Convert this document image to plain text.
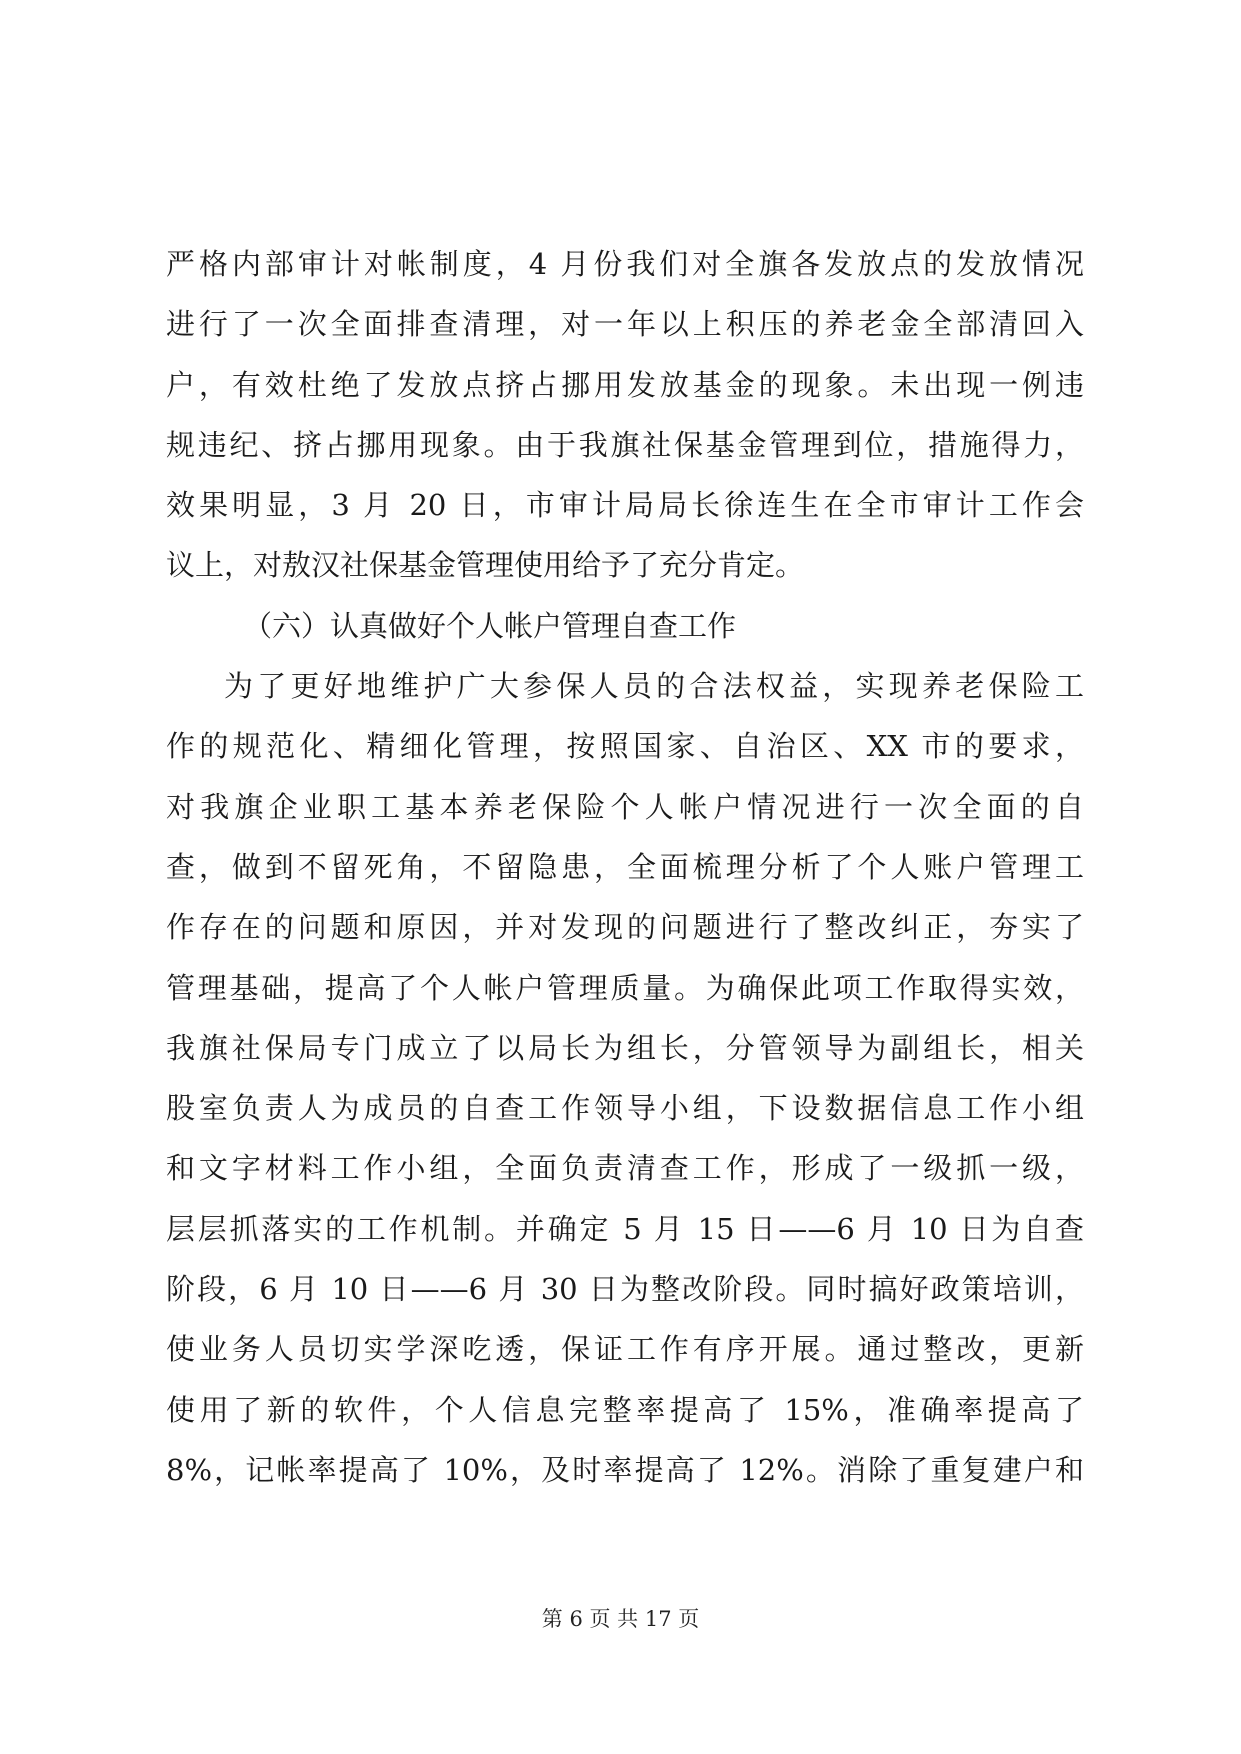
严格内部审计对帐制度，4 月份我们对全旗各发放点的发放情况
进行了一次全面排查清理，对一年以上积压的养老金全部清回入
户，有效杜绝了发放点挤占挪用发放基金的现象。未出现一例违
规违纪、挤占挪用现象。由于我旗社保基金管理到位，措施得力，
效果明显，3 月 20 日，市审计局局长徐连生在全市审计工作会
议上，对敖汉社保基金管理使用给予了充分肯定。
（六）认真做好个人帐户管理自查工作
为了更好地维护广大参保人员的合法权益，实现养老保险工
作的规范化、精细化管理，按照国家、自治区、XX 市的要求，
对我旗企业职工基本养老保险个人帐户情况进行一次全面的自
查，做到不留死角，不留隐患，全面梳理分析了个人账户管理工
作存在的问题和原因，并对发现的问题进行了整改纠正，夯实了
管理基础，提高了个人帐户管理质量。为确保此项工作取得实效，
我旗社保局专门成立了以局长为组长，分管领导为副组长，相关
股室负责人为成员的自查工作领导小组，下设数据信息工作小组
和文字材料工作小组，全面负责清查工作，形成了一级抓一级，
层层抓落实的工作机制。并确定 5 月 15 日——6 月 10 日为自查
阶段，6 月 10 日——6 月 30 日为整改阶段。同时搞好政策培训，
使业务人员切实学深吃透，保证工作有序开展。通过整改，更新
使用了新的软件，个人信息完整率提高了 15%，准确率提高了
8%，记帐率提高了 10%，及时率提高了 12%。消除了重复建户和
第 6 页 共 17 页
